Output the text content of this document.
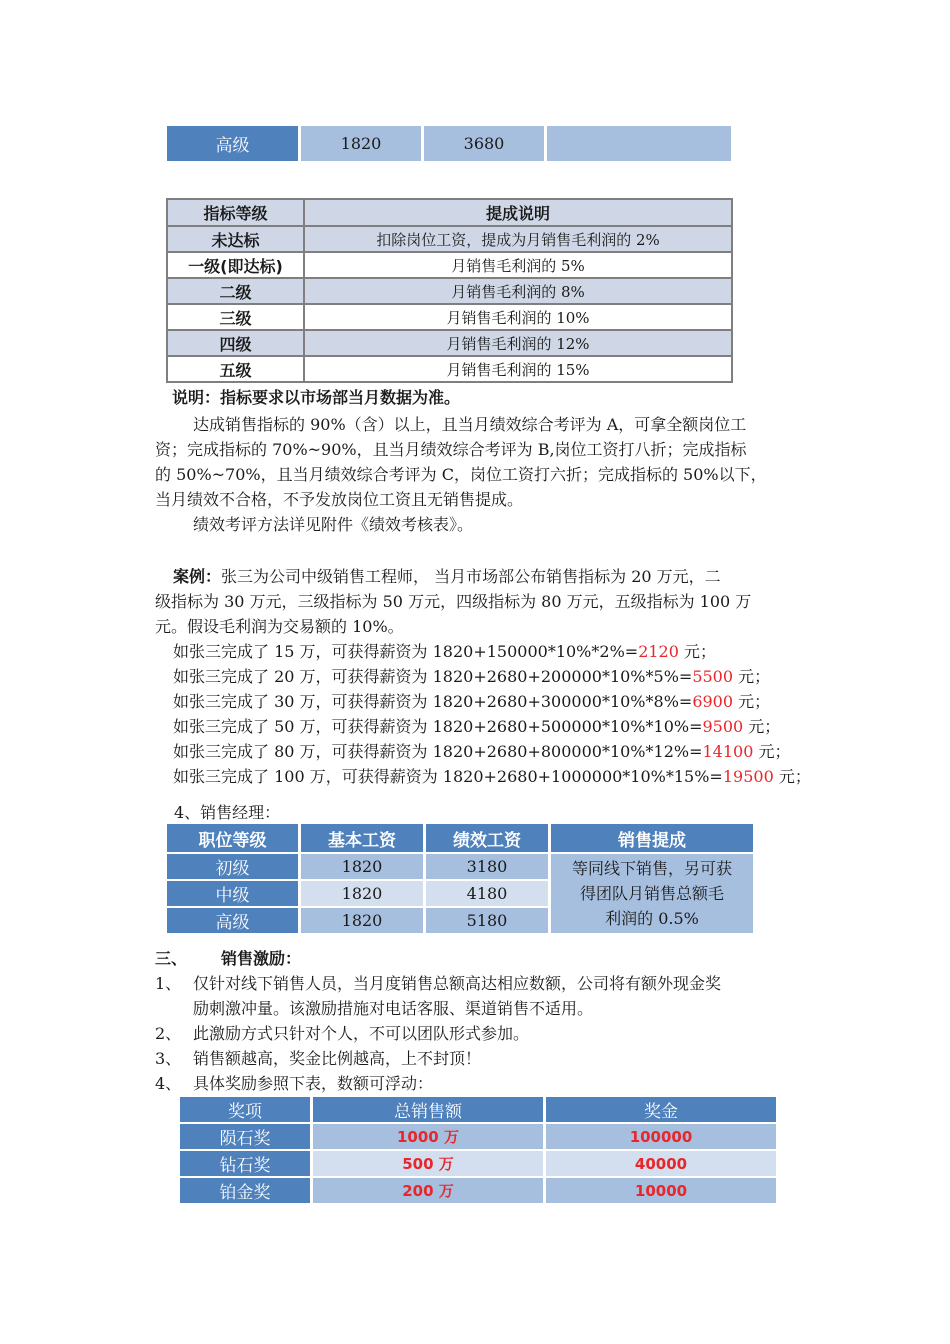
高级	1820	3680	
指标等级	提成说明
未达标	扣除岗位工资，提成为月销售毛利润的 2%
一级(即达标)	月销售毛利润的 5%
二级	月销售毛利润的 8%
三级	月销售毛利润的 10%
四级	月销售毛利润的 12%
五级	月销售毛利润的 15%
说明：指标要求以市场部当月数据为准。
达成销售指标的 90%（含）以上，且当月绩效综合考评为 A，可拿全额岗位工
资；完成指标的 70%~90%，且当月绩效综合考评为 B,岗位工资打八折；完成指标
的 50%~70%，且当月绩效综合考评为 C，岗位工资打六折；完成指标的 50%以下，
当月绩效不合格，不予发放岗位工资且无销售提成。
绩效考评方法详见附件《绩效考核表》。
案例：张三为公司中级销售工程师， 当月市场部公布销售指标为 20 万元，二
级指标为 30 万元，三级指标为 50 万元，四级指标为 80 万元，五级指标为 100 万
元。假设毛利润为交易额的 10%。
如张三完成了 15 万，可获得薪资为 1820+150000*10%*2%=2120 元；
如张三完成了 20 万，可获得薪资为 1820+2680+200000*10%*5%=5500 元；
如张三完成了 30 万，可获得薪资为 1820+2680+300000*10%*8%=6900 元；
如张三完成了 50 万，可获得薪资为 1820+2680+500000*10%*10%=9500 元；
如张三完成了 80 万，可获得薪资为 1820+2680+800000*10%*12%=14100 元；
如张三完成了 100 万，可获得薪资为 1820+2680+1000000*10%*15%=19500 元；
4、销售经理：
职位等级	基本工资	绩效工资	销售提成
初级	1820	3180	等同线下销售，另可获
得团队月销售总额毛
利润的 0.5%

中级	1820	4180	
高级	1820	5180	
三、 销售激励：
1、 仅针对线下销售人员，当月度销售总额高达相应数额，公司将有额外现金奖
励刺激冲量。该激励措施对电话客服、渠道销售不适用。
2、 此激励方式只针对个人，不可以团队形式参加。
3、 销售额越高，奖金比例越高，上不封顶！
4、 具体奖励参照下表，数额可浮动：
奖项	总销售额	奖金
陨石奖	1000 万	100000
钻石奖	500 万	40000
铂金奖	200 万	10000
